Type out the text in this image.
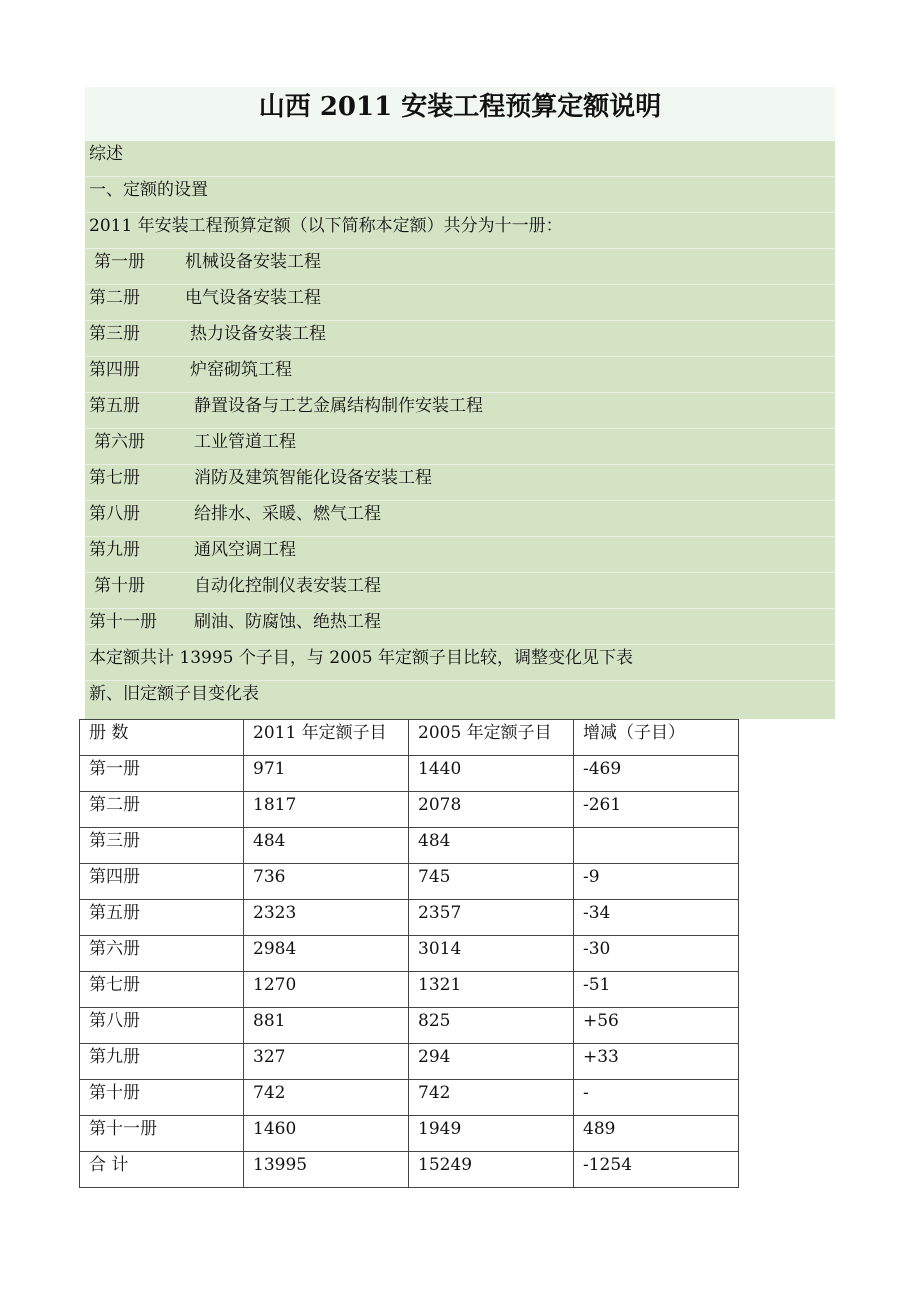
山西 2011 安装工程预算定额说明
综述
一、定额的设置
2011 年安装工程预算定额（以下简称本定额）共分为十一册：
第一册 机械设备安装工程
第二册	电气设备安装工程
第三册	热力设备安装工程
第四册	炉窑砌筑工程
第五册	静置设备与工艺金属结构制作安装工程
第六册	工业管道工程
第七册	消防及建筑智能化设备安装工程
第八册	给排水、采暖、燃气工程
第九册	通风空调工程
第十册	自动化控制仪表安装工程
第十一册 刷油、防腐蚀、绝热工程
本定额共计 13995 个子目，与 2005 年定额子目比较，调整变化见下表
新、旧定额子目变化表
册 数	2011 年定额子目	2005 年定额子目	增减（子目）
第一册	971	1440	-469
第二册	1817	2078	-261
第三册	484	484	
第四册	736	745	-9
第五册	2323	2357	-34
第六册	2984	3014	-30
第七册	1270	1321	-51
第八册	881	825	+56
第九册	327	294	+33
第十册	742	742	-
第十一册	1460	1949	489
合 计	13995	15249	-1254
